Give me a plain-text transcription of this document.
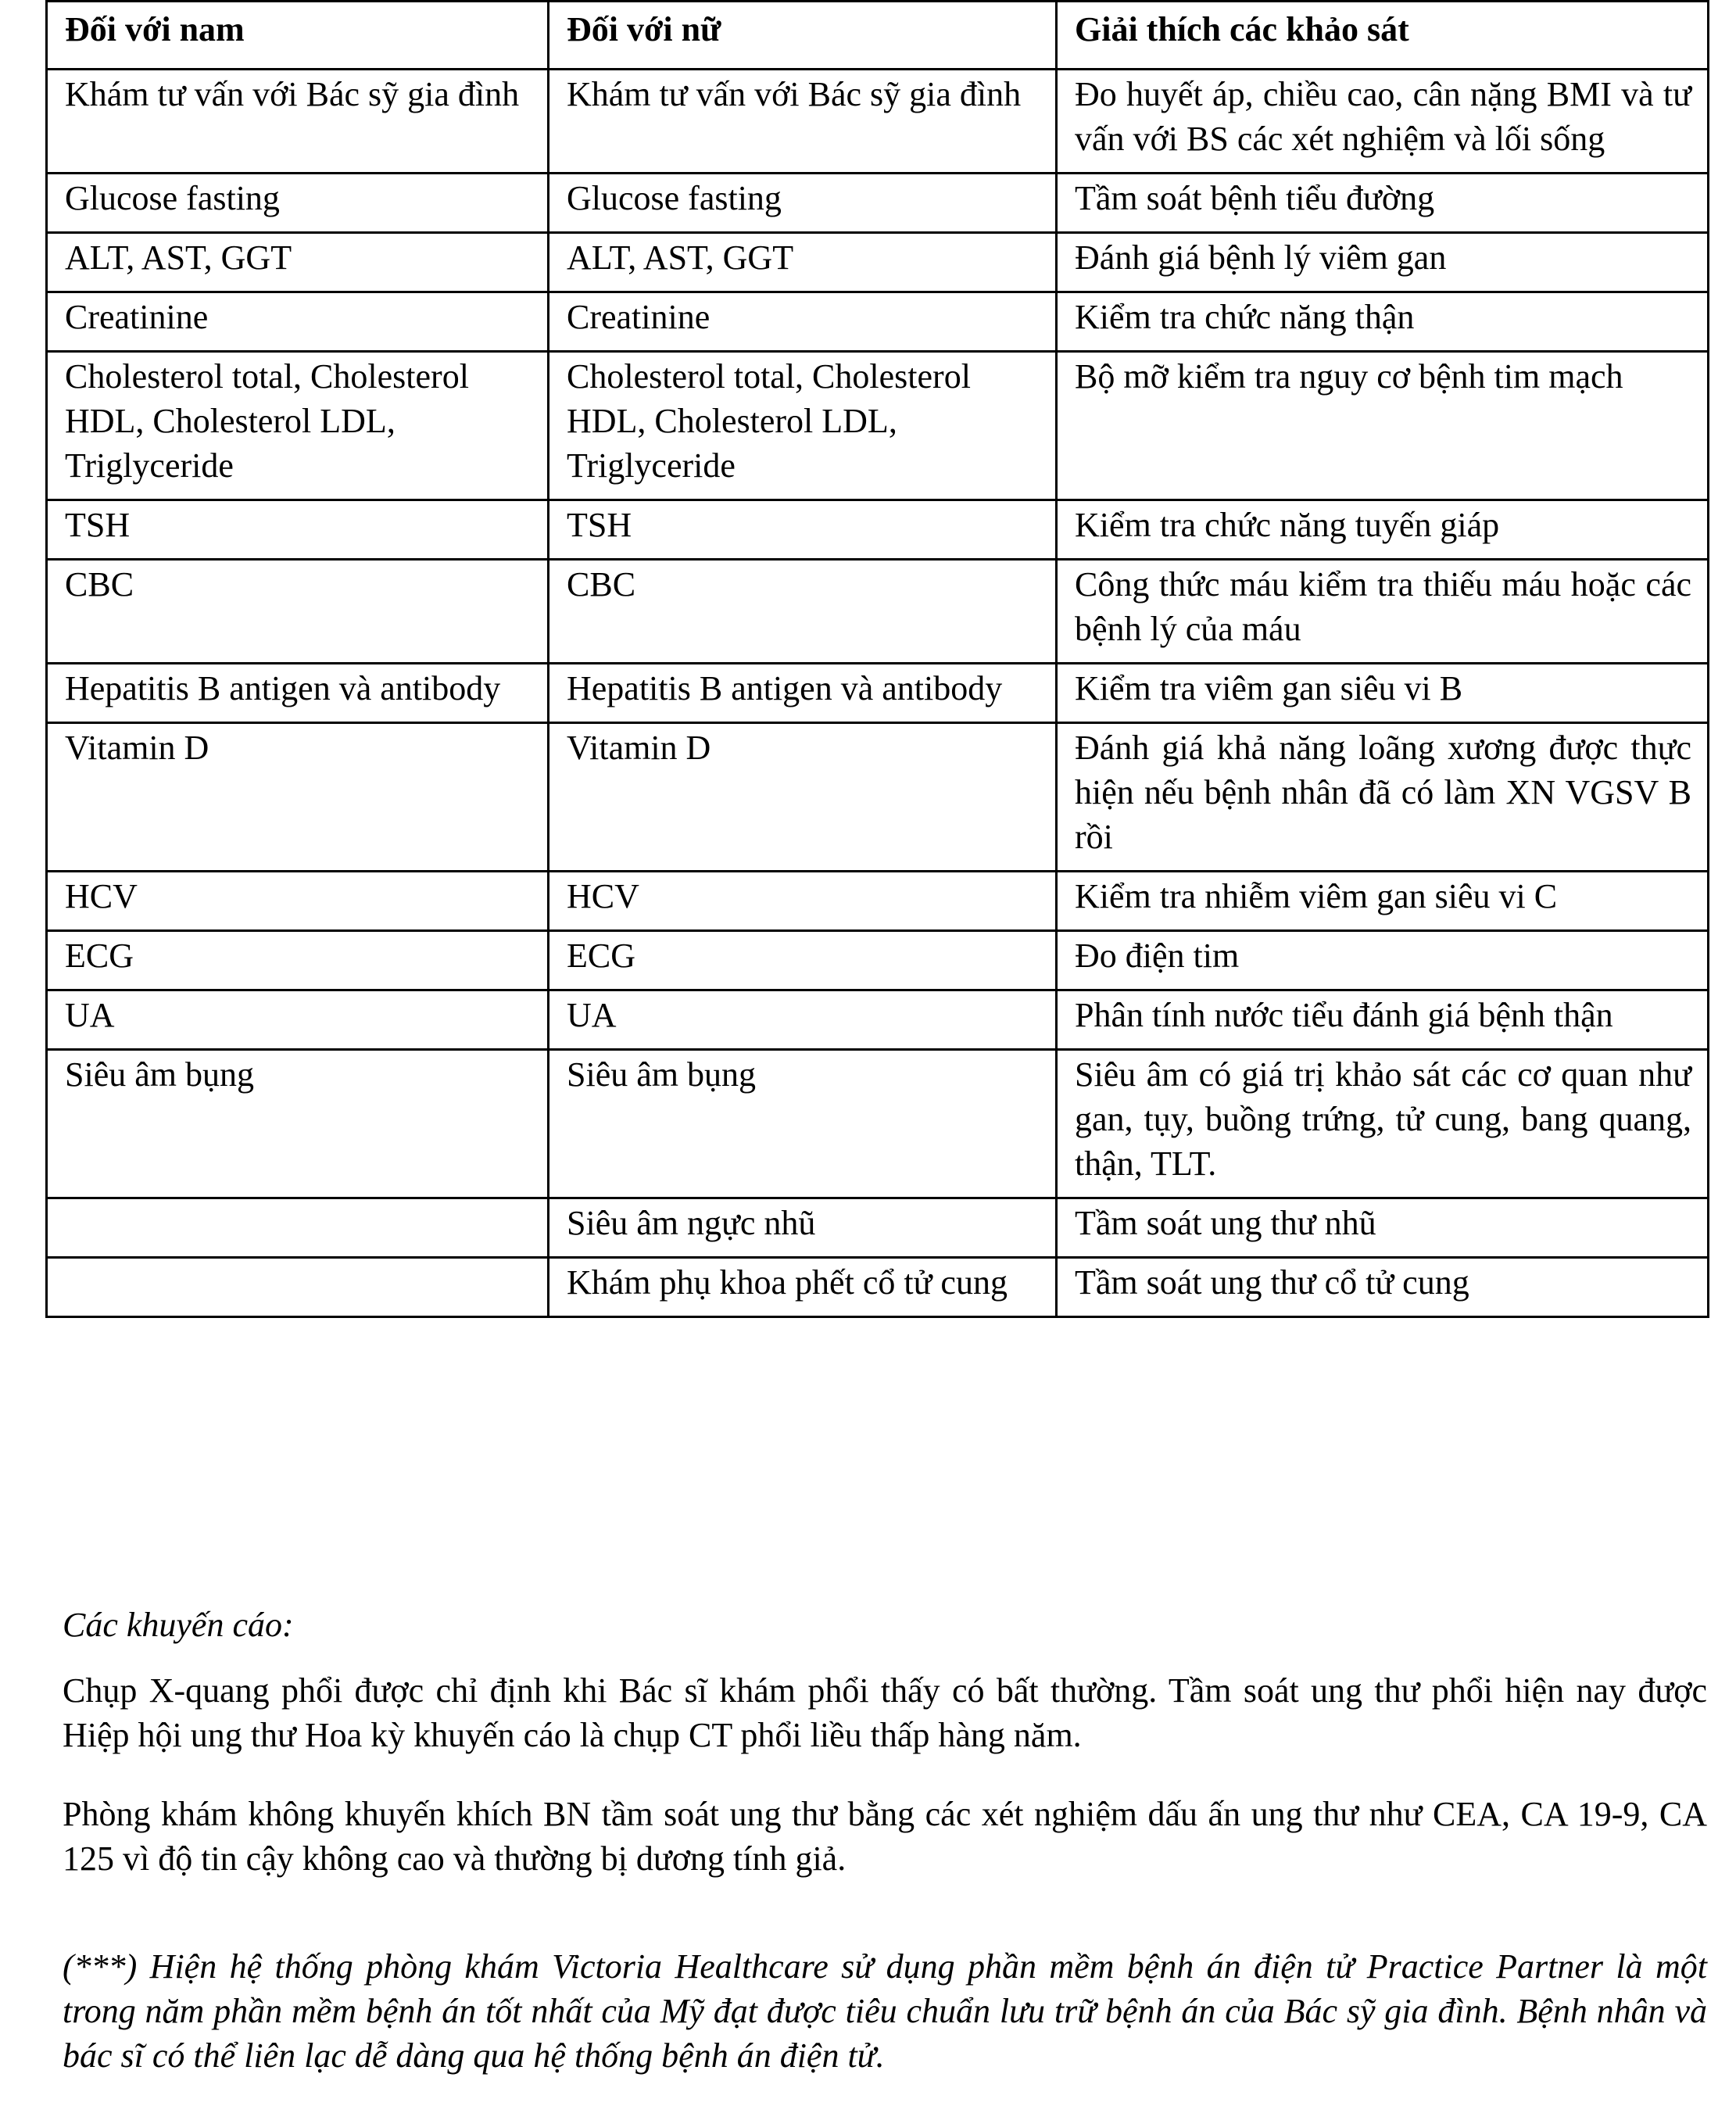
Đối với nam	Đối với nữ	Giải thích các khảo sát
Khám tư vấn với Bác sỹ gia đình	Khám tư vấn với Bác sỹ gia đình	Đo huyết áp, chiều cao, cân nặng BMI và tư vấn với BS các xét nghiệm và lối sống
Glucose fasting	Glucose fasting	Tầm soát bệnh tiểu đường
ALT, AST, GGT	ALT, AST, GGT	Đánh giá bệnh lý viêm gan
Creatinine	Creatinine	Kiểm tra chức năng thận
Cholesterol total, Cholesterol HDL, Cholesterol LDL, Triglyceride	Cholesterol total, Cholesterol HDL, Cholesterol LDL, Triglyceride	Bộ mỡ kiểm tra nguy cơ bệnh tim mạch
TSH	TSH	Kiểm tra chức năng tuyến giáp
CBC	CBC	Công thức máu kiểm tra thiếu máu hoặc các bệnh lý của máu
Hepatitis B antigen và antibody	Hepatitis B antigen và antibody	Kiểm tra viêm gan siêu vi B
Vitamin D	Vitamin D	Đánh giá khả năng loãng xương được thực hiện nếu bệnh nhân đã có làm XN VGSV B rồi
HCV	HCV	Kiểm tra nhiễm viêm gan siêu vi C
ECG	ECG	Đo điện tim
UA	UA	Phân tính nước tiểu đánh giá bệnh thận
Siêu âm bụng	Siêu âm bụng	Siêu âm có giá trị khảo sát các cơ quan như gan, tụy, buồng trứng, tử cung, bang quang, thận, TLT.
	Siêu âm ngực nhũ	Tầm soát ung thư nhũ
	Khám phụ khoa phết cổ tử cung	Tầm soát ung thư cổ tử cung
Các khuyến cáo:
Chụp X-quang phổi được chỉ định khi Bác sĩ khám phổi thấy có bất thường. Tầm soát ung thư phổi hiện nay được Hiệp hội ung thư Hoa kỳ khuyến cáo là chụp CT phổi liều thấp hàng năm.
Phòng khám không khuyến khích BN tầm soát ung thư bằng các xét nghiệm dấu ấn ung thư như CEA, CA 19-9, CA 125 vì độ tin cậy không cao và thường bị dương tính giả.
(***) Hiện hệ thống phòng khám Victoria Healthcare sử dụng phần mềm bệnh án điện tử Practice Partner là một trong năm phần mềm bệnh án tốt nhất của Mỹ đạt được tiêu chuẩn lưu trữ bệnh án của Bác sỹ gia đình. Bệnh nhân và bác sĩ có thể liên lạc dễ dàng qua hệ thống bệnh án điện tử.
